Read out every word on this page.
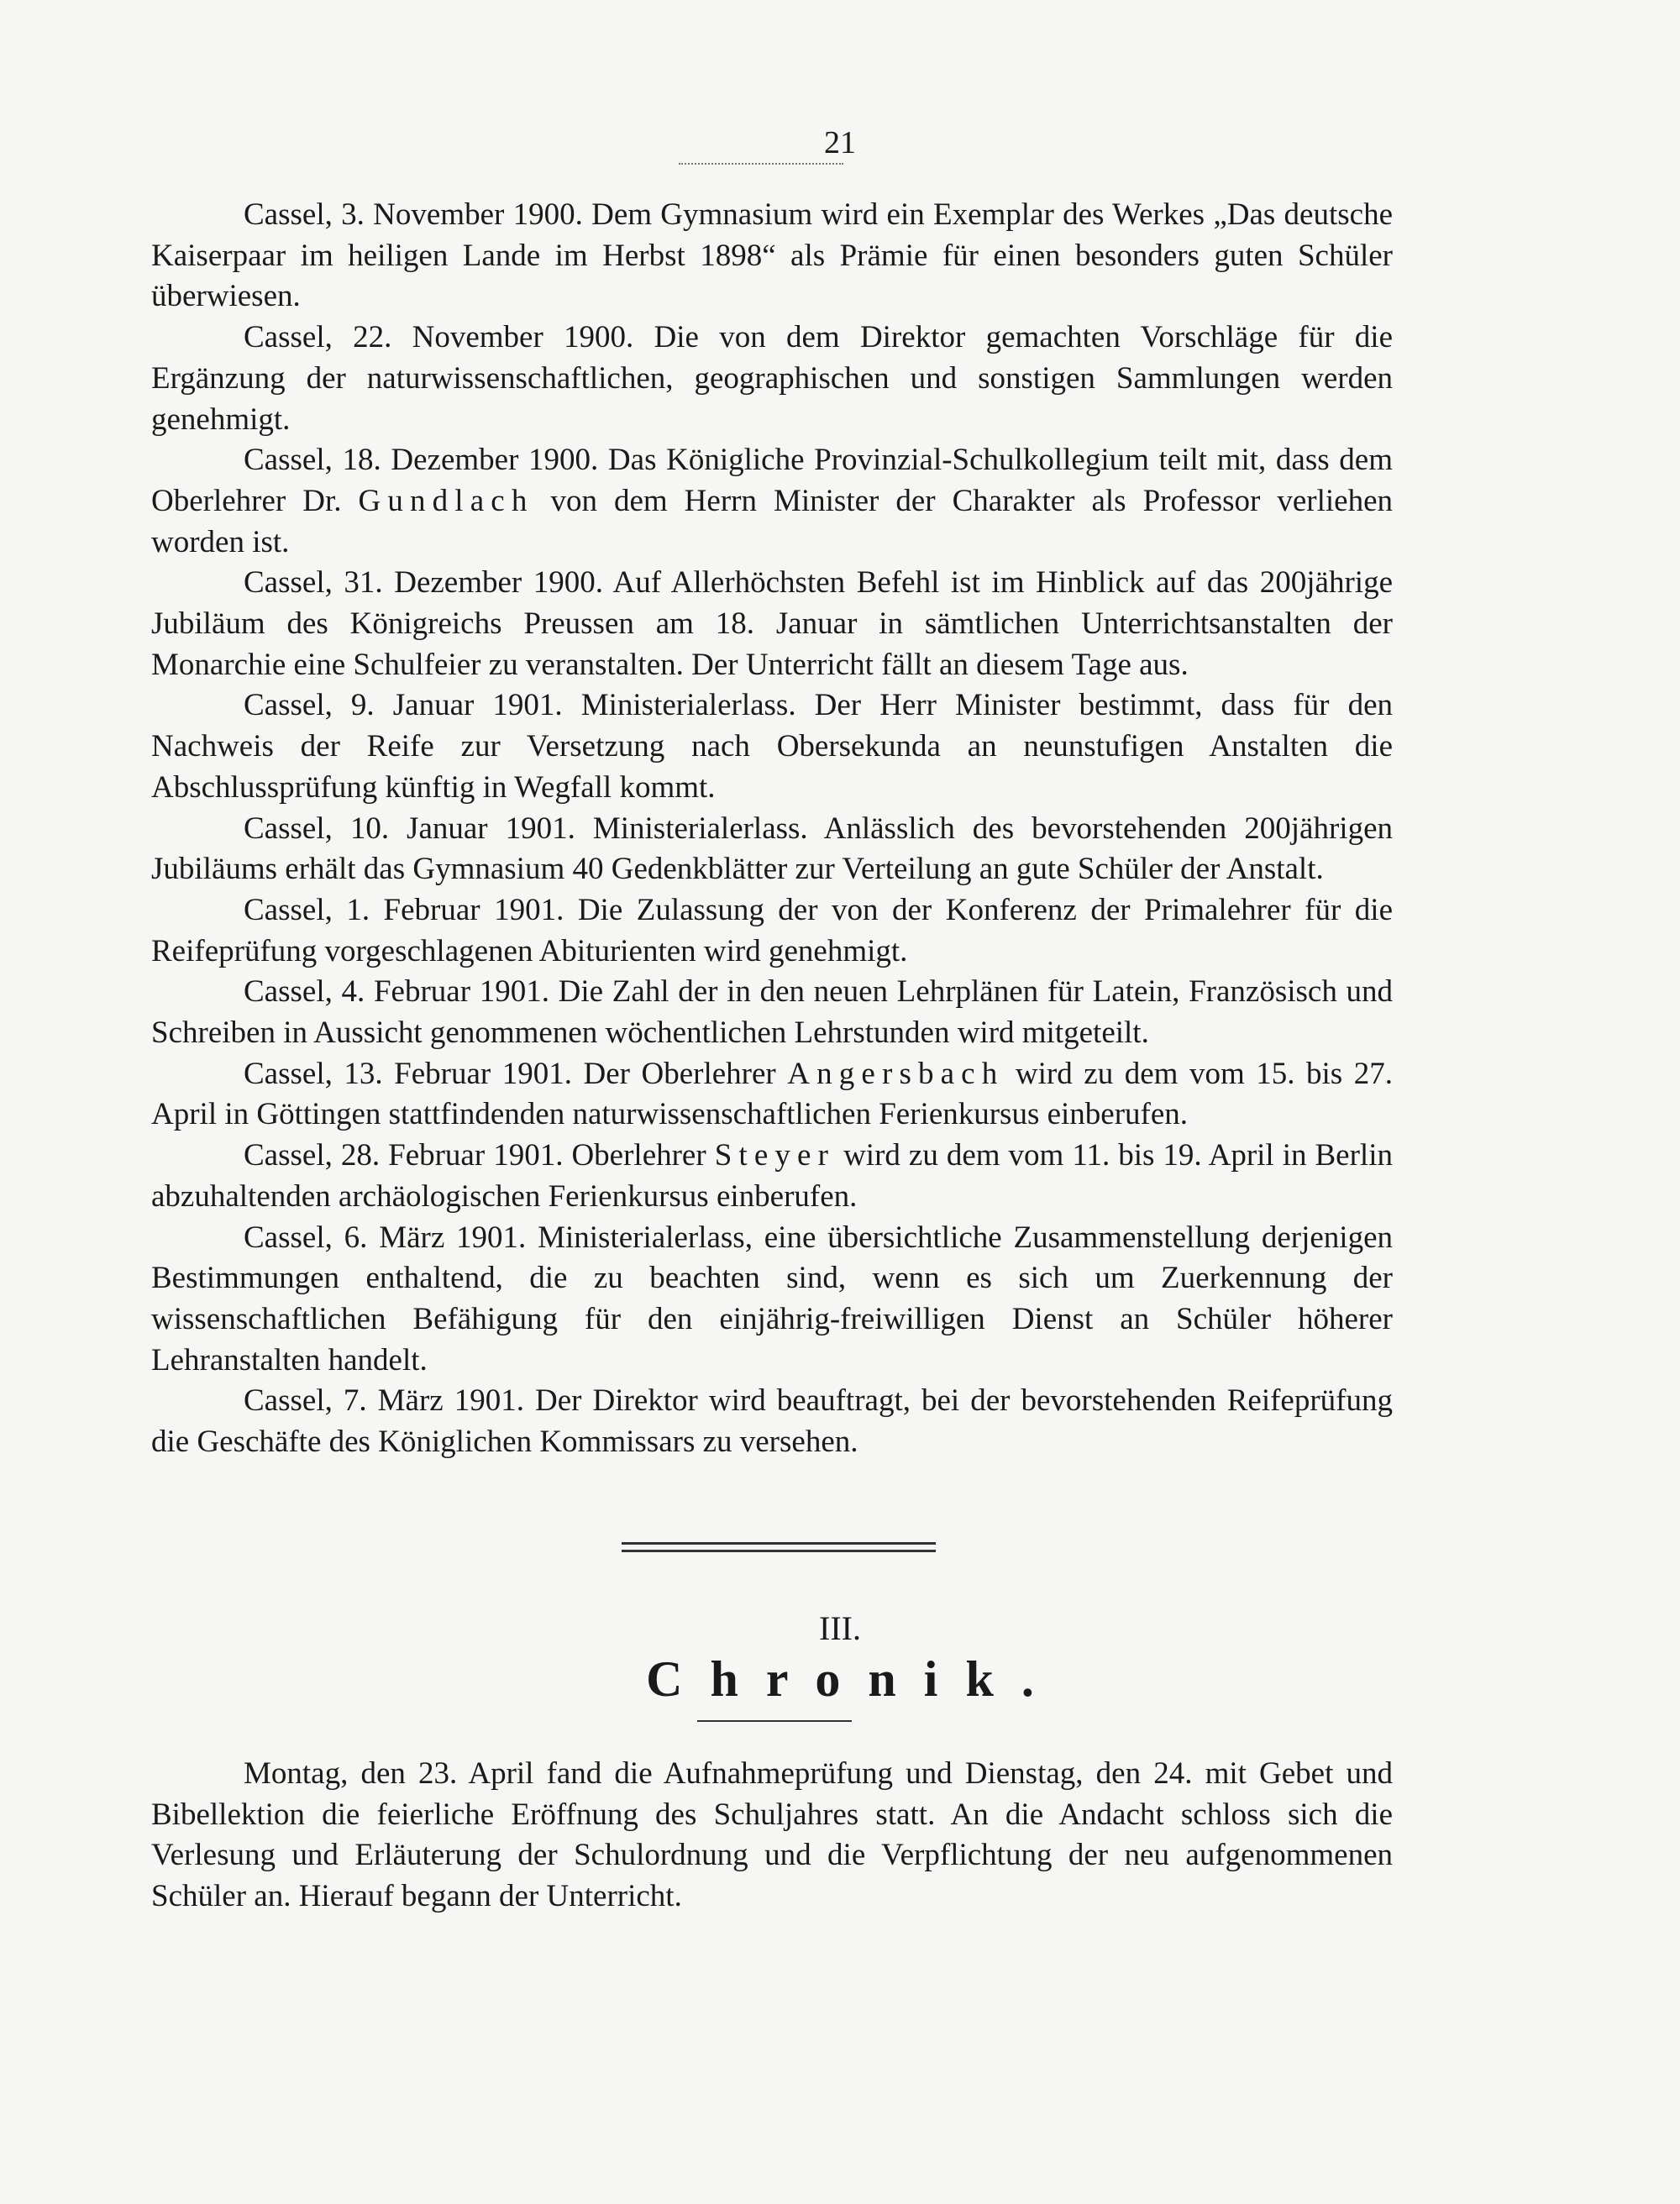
21

Cassel, 3. November 1900. Dem Gymnasium wird ein Exemplar des Werkes „Das deutsche Kaiserpaar im heiligen Lande im Herbst 1898“ als Prämie für einen besonders guten Schüler überwiesen.

Cassel, 22. November 1900. Die von dem Direktor gemachten Vorschläge für die Ergänzung der naturwissenschaftlichen, geographischen und sonstigen Sammlungen werden genehmigt.

Cassel, 18. Dezember 1900. Das Königliche Provinzial-Schulkollegium teilt mit, dass dem Oberlehrer Dr. Gundlach von dem Herrn Minister der Charakter als Professor verliehen worden ist.

Cassel, 31. Dezember 1900. Auf Allerhöchsten Befehl ist im Hinblick auf das 200jährige Jubiläum des Königreichs Preussen am 18. Januar in sämtlichen Unterrichtsanstalten der Monarchie eine Schulfeier zu veranstalten. Der Unterricht fällt an diesem Tage aus.

Cassel, 9. Januar 1901. Ministerialerlass. Der Herr Minister bestimmt, dass für den Nachweis der Reife zur Versetzung nach Obersekunda an neunstufigen Anstalten die Abschlussprüfung künftig in Wegfall kommt.

Cassel, 10. Januar 1901. Ministerialerlass. Anlässlich des bevorstehenden 200jährigen Jubiläums erhält das Gymnasium 40 Gedenkblätter zur Verteilung an gute Schüler der Anstalt.

Cassel, 1. Februar 1901. Die Zulassung der von der Konferenz der Primalehrer für die Reifeprüfung vorgeschlagenen Abiturienten wird genehmigt.

Cassel, 4. Februar 1901. Die Zahl der in den neuen Lehrplänen für Latein, Französisch und Schreiben in Aussicht genommenen wöchentlichen Lehrstunden wird mitgeteilt.

Cassel, 13. Februar 1901. Der Oberlehrer Angersbach wird zu dem vom 15. bis 27. April in Göttingen stattfindenden naturwissenschaftlichen Ferienkursus einberufen.

Cassel, 28. Februar 1901. Oberlehrer Steyer wird zu dem vom 11. bis 19. April in Berlin abzuhaltenden archäologischen Ferienkursus einberufen.

Cassel, 6. März 1901. Ministerialerlass, eine übersichtliche Zusammenstellung derjenigen Bestimmungen enthaltend, die zu beachten sind, wenn es sich um Zuerkennung der wissenschaftlichen Befähigung für den einjährig-freiwilligen Dienst an Schüler höherer Lehranstalten handelt.

Cassel, 7. März 1901. Der Direktor wird beauftragt, bei der bevorstehenden Reifeprüfung die Geschäfte des Königlichen Kommissars zu versehen.

III.
Chronik.

Montag, den 23. April fand die Aufnahmeprüfung und Dienstag, den 24. mit Gebet und Bibellektion die feierliche Eröffnung des Schuljahres statt. An die Andacht schloss sich die Verlesung und Erläuterung der Schulordnung und die Verpflichtung der neu aufgenommenen Schüler an. Hierauf begann der Unterricht.
